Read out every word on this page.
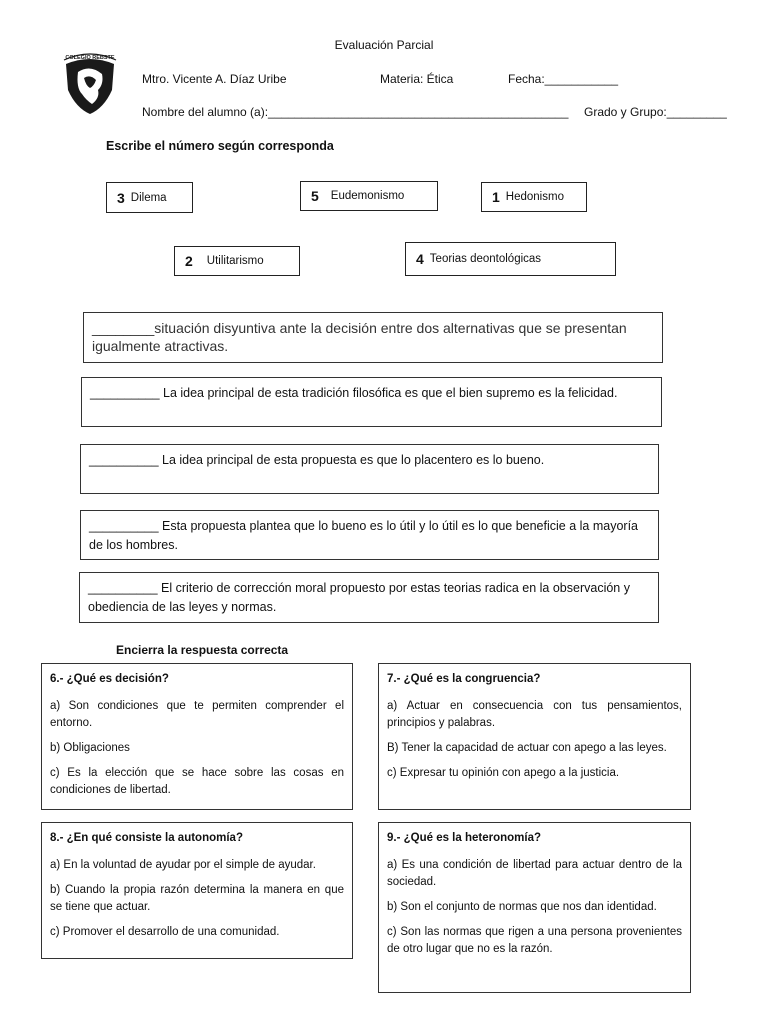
Evaluación Parcial
COLEGIO REBSTE
Mtro. Vicente A. Díaz Uribe	Materia: Ética	Fecha:___________
Nombre del alumno (a):_____________________________________________ Grado y Grupo:_________
Escribe el número según corresponda
3 Dilema	5 Eudemonismo	1 Hedonismo
2 Utilitarismo	4 Teorias deontológicas
________situación disyuntiva ante la decisión entre dos alternativas que se presentan igualmente atractivas.
__________ La idea principal de esta tradición filosófica es que el bien supremo es la felicidad.
__________ La idea principal de esta propuesta es que lo placentero es lo bueno.
__________ Esta propuesta plantea que lo bueno es lo útil y lo útil es lo que beneficie a la mayoría de los hombres.
__________ El criterio de corrección moral propuesto por estas teorias radica en la observación y obediencia de las leyes y normas.
Encierra la respuesta correcta
6.- ¿Qué es decisión?

a) Son condiciones que te permiten comprender el entorno.

b) Obligaciones

c) Es la elección que se hace sobre las cosas en condiciones de libertad.

7.- ¿Qué es la congruencia?

a) Actuar en consecuencia con tus pensamientos, principios y palabras.

B) Tener la capacidad de actuar con apego a las leyes.

c) Expresar tu opinión con apego a la justicia.

8.- ¿En qué consiste la autonomía?

a) En la voluntad de ayudar por el simple de ayudar.

b) Cuando la propia razón determina la manera en que se tiene que actuar.

c) Promover el desarrollo de una comunidad.

9.- ¿Qué es la heteronomía?

a) Es una condición de libertad para actuar dentro de la sociedad.

b) Son el conjunto de normas que nos dan identidad.

c) Son las normas que rigen a una persona provenientes de otro lugar que no es la razón.
